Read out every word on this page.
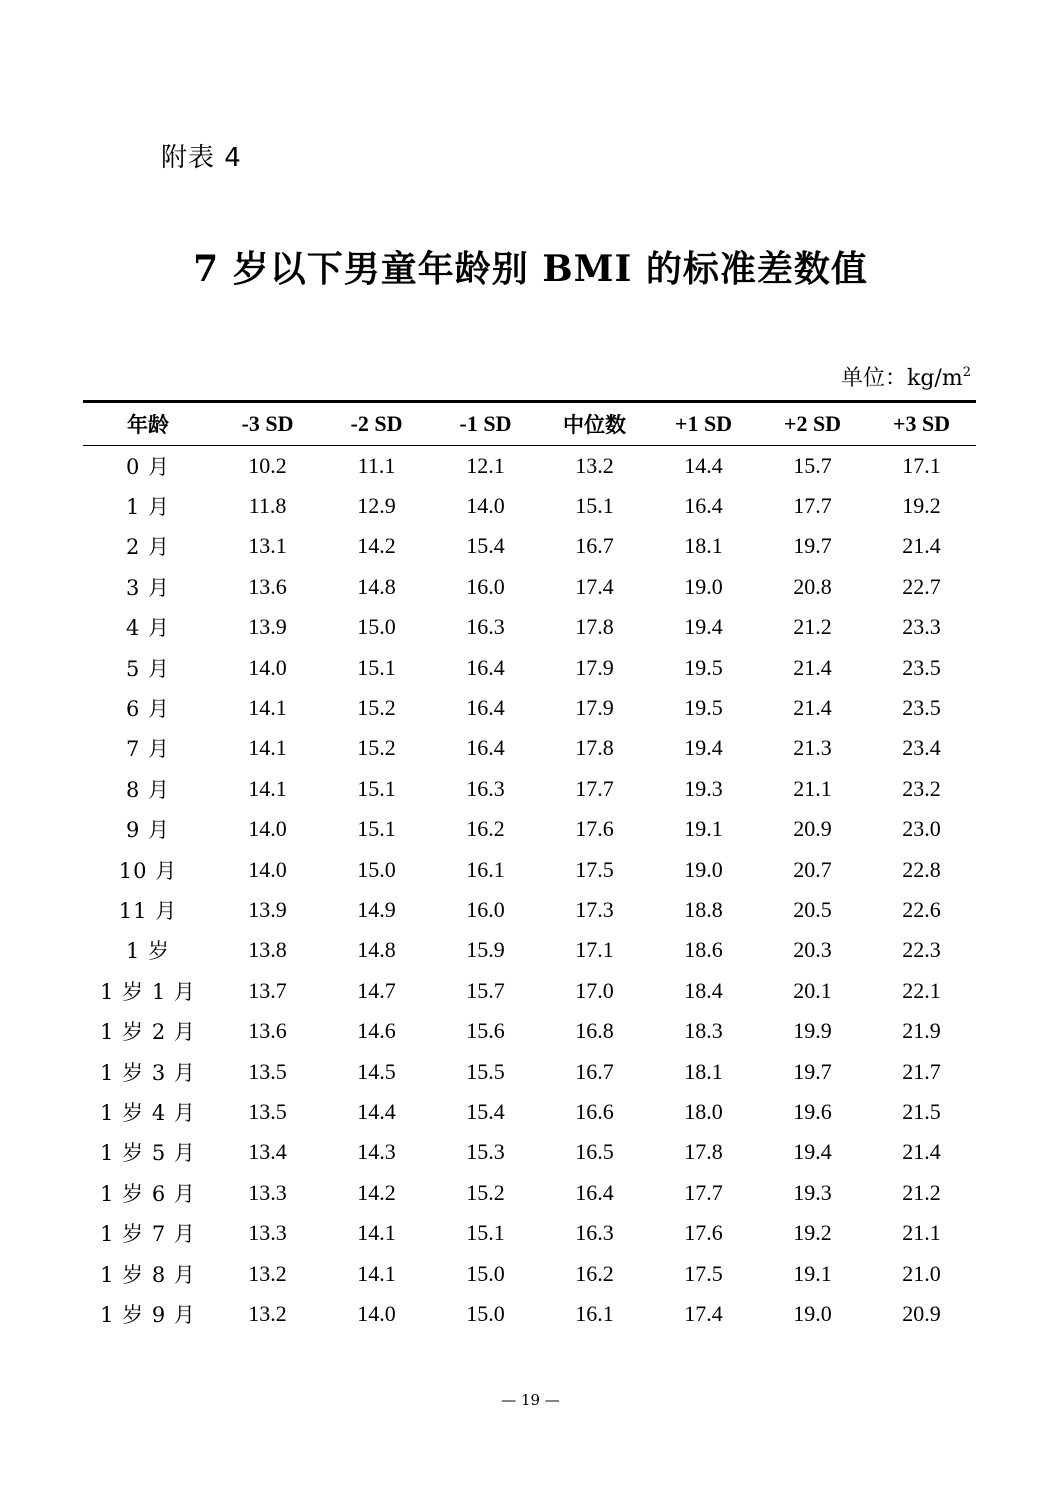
附表 4
7 岁以下男童年龄别 BMI 的标准差数值
单位：$kg/m^2$
年龄	-3 SD	-2 SD	-1 SD	中位数	+1 SD	+2 SD	+3 SD
0 月	10.2	11.1	12.1	13.2	14.4	15.7	17.1
1 月	11.8	12.9	14.0	15.1	16.4	17.7	19.2
2 月	13.1	14.2	15.4	16.7	18.1	19.7	21.4
3 月	13.6	14.8	16.0	17.4	19.0	20.8	22.7
4 月	13.9	15.0	16.3	17.8	19.4	21.2	23.3
5 月	14.0	15.1	16.4	17.9	19.5	21.4	23.5
6 月	14.1	15.2	16.4	17.9	19.5	21.4	23.5
7 月	14.1	15.2	16.4	17.8	19.4	21.3	23.4
8 月	14.1	15.1	16.3	17.7	19.3	21.1	23.2
9 月	14.0	15.1	16.2	17.6	19.1	20.9	23.0
10 月	14.0	15.0	16.1	17.5	19.0	20.7	22.8
11 月	13.9	14.9	16.0	17.3	18.8	20.5	22.6
1 岁	13.8	14.8	15.9	17.1	18.6	20.3	22.3
1 岁 1 月	13.7	14.7	15.7	17.0	18.4	20.1	22.1
1 岁 2 月	13.6	14.6	15.6	16.8	18.3	19.9	21.9
1 岁 3 月	13.5	14.5	15.5	16.7	18.1	19.7	21.7
1 岁 4 月	13.5	14.4	15.4	16.6	18.0	19.6	21.5
1 岁 5 月	13.4	14.3	15.3	16.5	17.8	19.4	21.4
1 岁 6 月	13.3	14.2	15.2	16.4	17.7	19.3	21.2
1 岁 7 月	13.3	14.1	15.1	16.3	17.6	19.2	21.1
1 岁 8 月	13.2	14.1	15.0	16.2	17.5	19.1	21.0
1 岁 9 月	13.2	14.0	15.0	16.1	17.4	19.0	20.9
— 19 —
